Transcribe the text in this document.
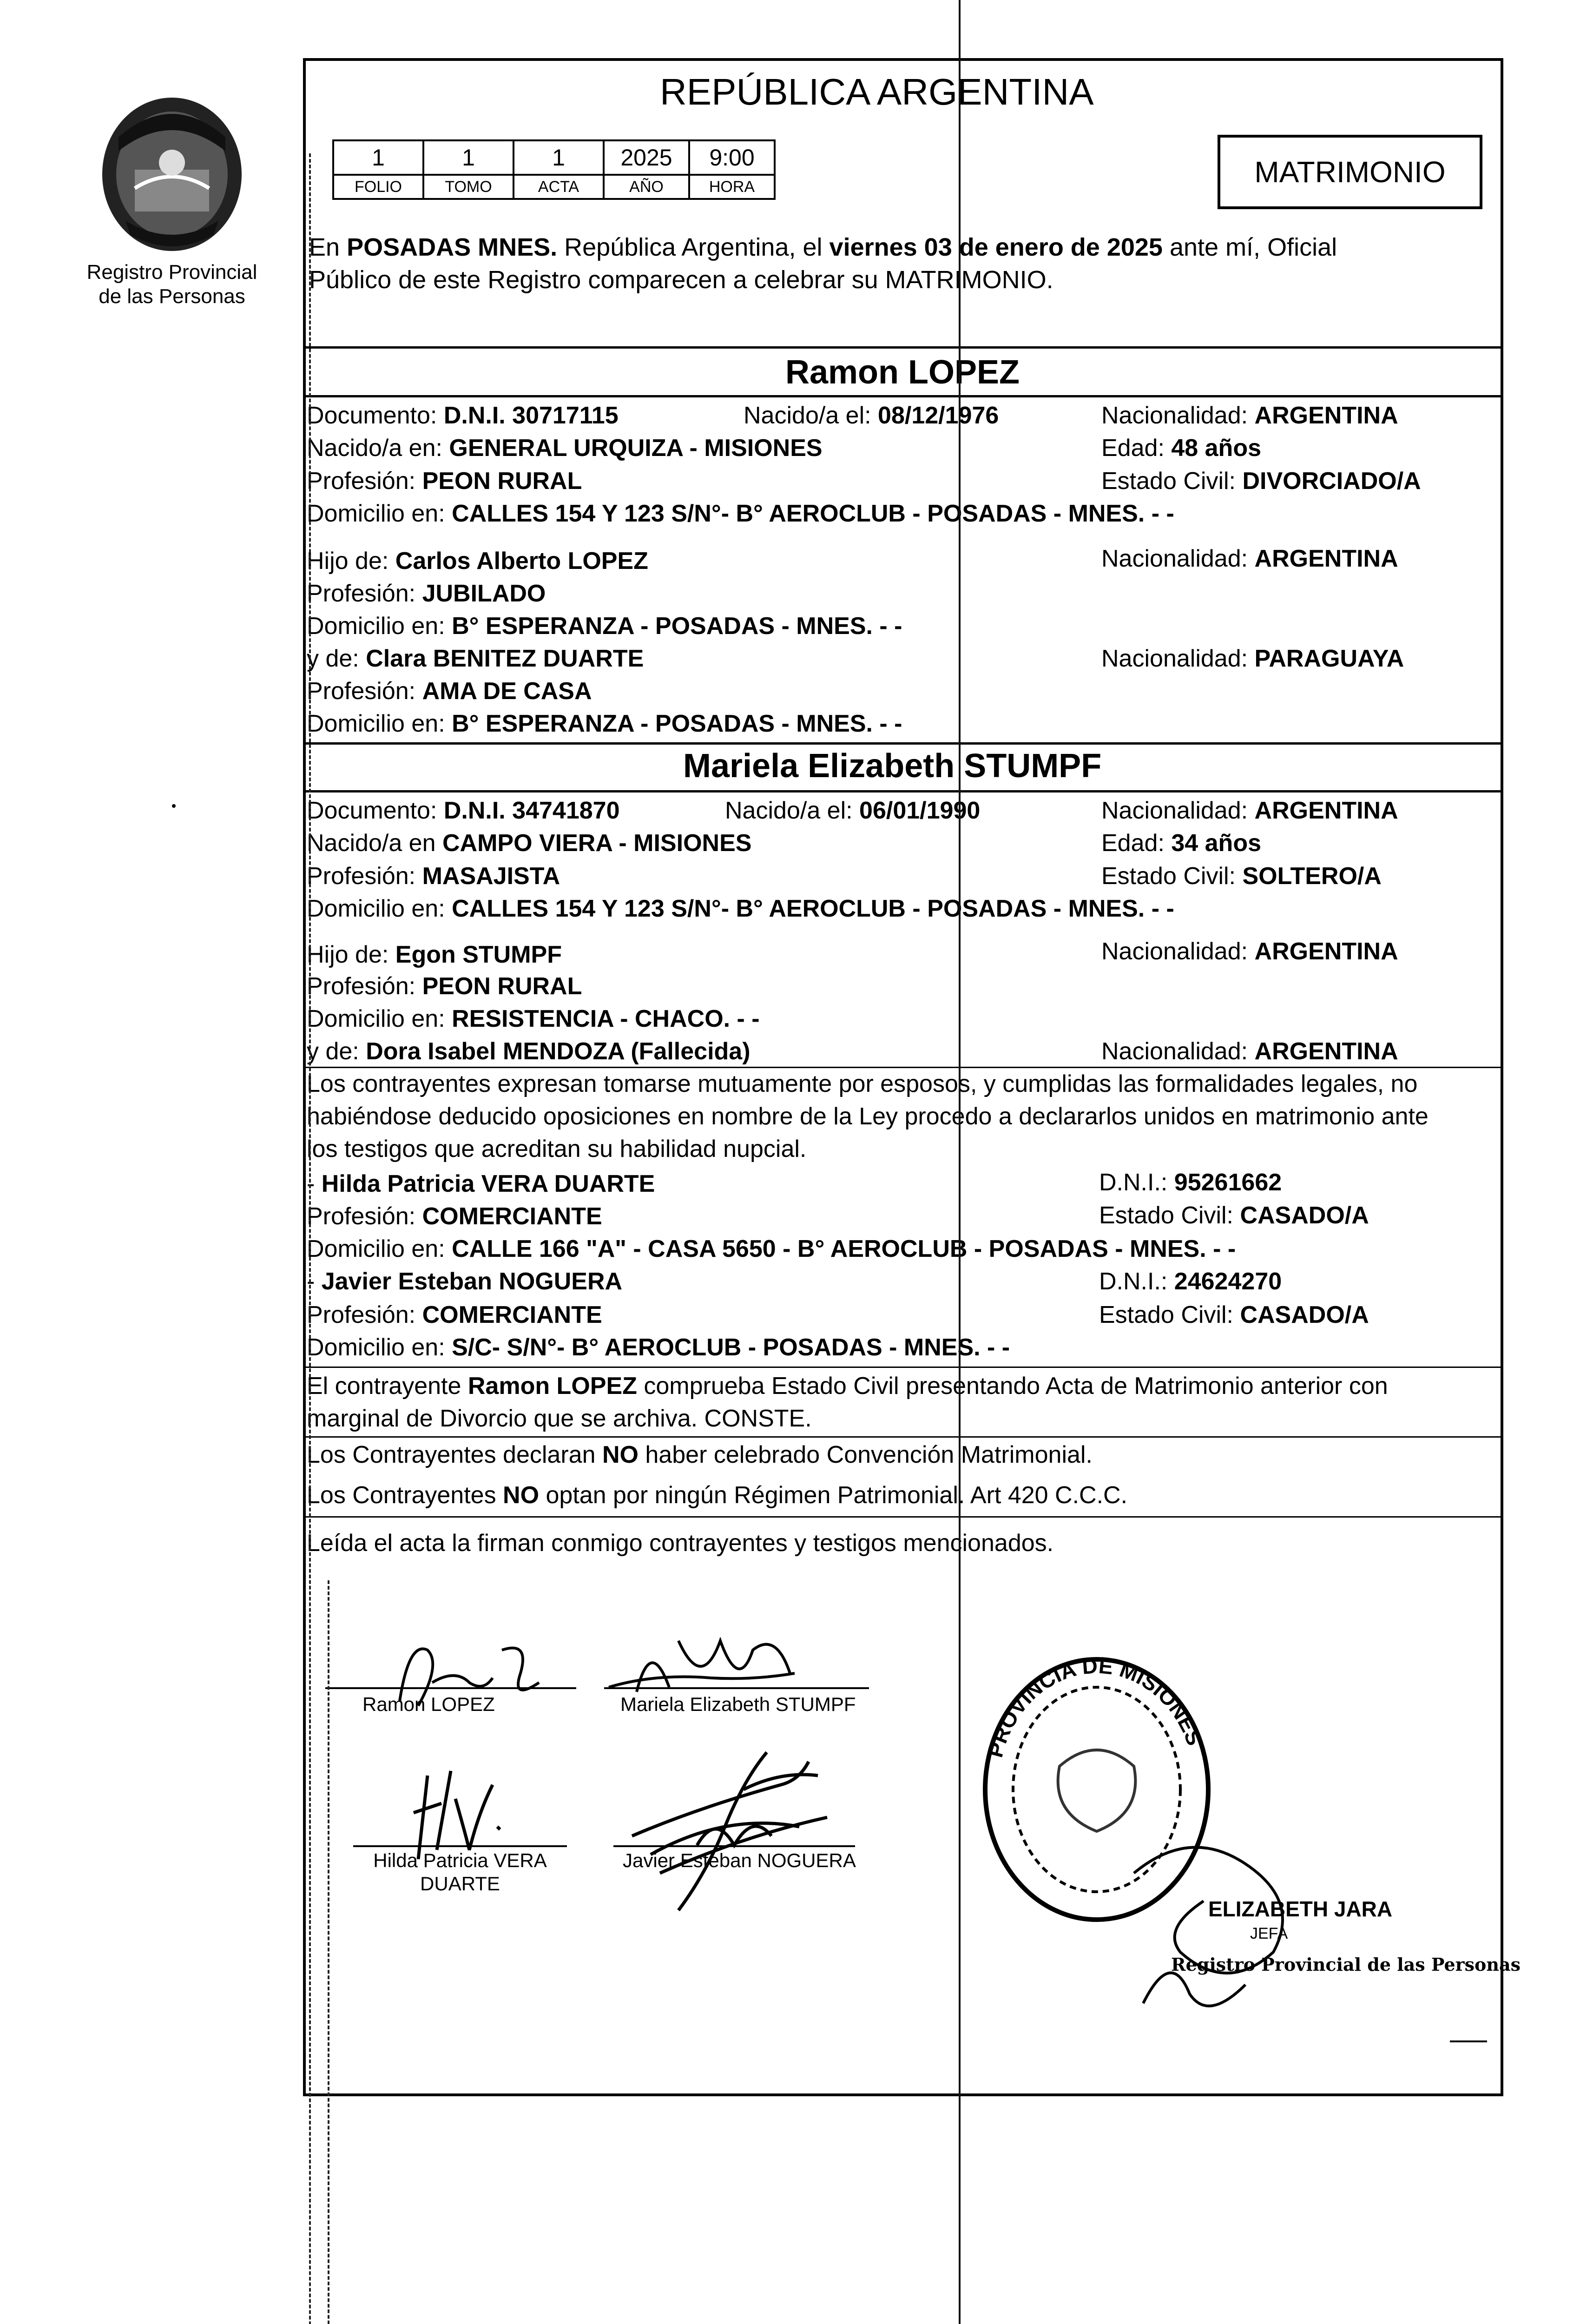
Registro Provincial de las Personas
REPÚBLICA ARGENTINA
1	1	1	2025	9:00
FOLIO	TOMO	ACTA	AÑO	HORA	MATRIMONIO
En POSADAS MNES. República Argentina, el viernes 03 de enero de 2025 ante mí, Oficial
Público de este Registro comparecen a celebrar su MATRIMONIO.
Ramon LOPEZ
Documento: D.N.I. 30717115	Nacido/a el: 08/12/1976	Nacionalidad: ARGENTINA
Nacido/a en: GENERAL URQUIZA - MISIONES	Edad: 48 años
Profesión: PEON RURAL	Estado Civil: DIVORCIADO/A
Domicilio en: CALLES 154 Y 123 S/N°- B° AEROCLUB - POSADAS - MNES. - -
Hijo de: Carlos Alberto LOPEZ	Nacionalidad: ARGENTINA
Profesión: JUBILADO
Domicilio en: B° ESPERANZA - POSADAS - MNES. - -
y de: Clara BENITEZ DUARTE	Nacionalidad: PARAGUAYA
Profesión: AMA DE CASA
Domicilio en: B° ESPERANZA - POSADAS - MNES. - -
Mariela Elizabeth STUMPF
Documento: D.N.I. 34741870	Nacido/a el: 06/01/1990	Nacionalidad: ARGENTINA
Nacido/a en CAMPO VIERA - MISIONES	Edad: 34 años
Profesión: MASAJISTA	Estado Civil: SOLTERO/A
Domicilio en: CALLES 154 Y 123 S/N°- B° AEROCLUB - POSADAS - MNES. - -
Hijo de: Egon STUMPF	Nacionalidad: ARGENTINA
Profesión: PEON RURAL
Domicilio en: RESISTENCIA - CHACO. - -
y de: Dora Isabel MENDOZA (Fallecida)	Nacionalidad: ARGENTINA
Los contrayentes expresan tomarse mutuamente por esposos, y cumplidas las formalidades legales, no
habiéndose deducido oposiciones en nombre de la Ley procedo a declararlos unidos en matrimonio ante
los testigos que acreditan su habilidad nupcial.
- Hilda Patricia VERA DUARTE	D.N.I.: 95261662
Profesión: COMERCIANTE	Estado Civil: CASADO/A
Domicilio en: CALLE 166 "A" - CASA 5650 - B° AEROCLUB - POSADAS - MNES. - -
- Javier Esteban NOGUERA	D.N.I.: 24624270
Profesión: COMERCIANTE	Estado Civil: CASADO/A
Domicilio en: S/C- S/N°- B° AEROCLUB - POSADAS - MNES. - -
El contrayente Ramon LOPEZ comprueba Estado Civil presentando Acta de Matrimonio anterior con
marginal de Divorcio que se archiva. CONSTE.
Los Contrayentes declaran NO haber celebrado Convención Matrimonial.
Los Contrayentes NO optan por ningún Régimen Patrimonial. Art 420 C.C.C.
Leída el acta la firman conmigo contrayentes y testigos mencionados.
Ramon LOPEZ	Mariela Elizabeth STUMPF
Hilda Patricia VERA
DUARTE
Javier Esteban NOGUERA
PROVINCIA DE MISIONES
ELIZABETH JARA
JEFA
Registro Provincial de las Personas
